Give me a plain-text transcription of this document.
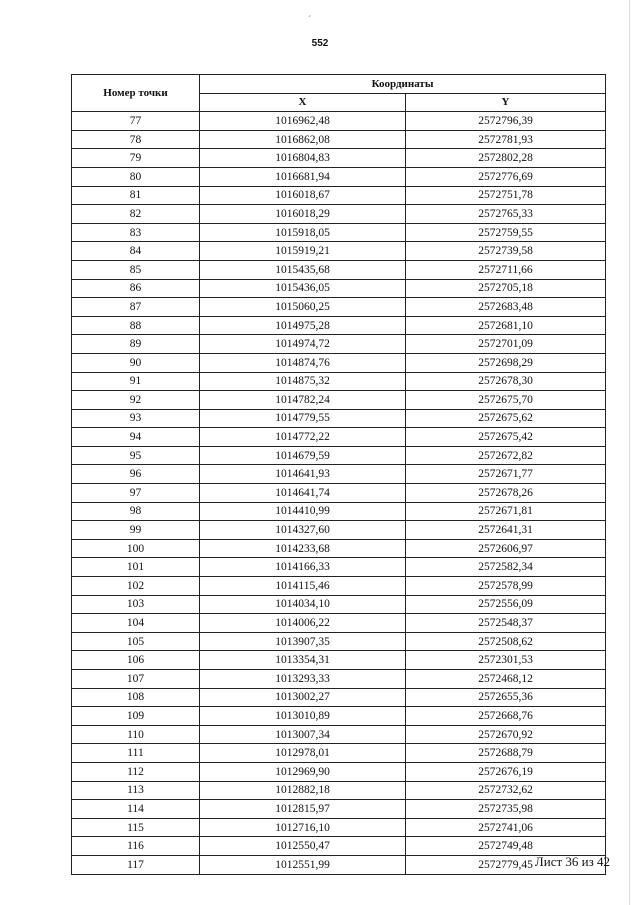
ˊ
552
Номер точки	Координаты	
	X	Y
77	1016962,48	2572796,39
78	1016862,08	2572781,93
79	1016804,83	2572802,28
80	1016681,94	2572776,69
81	1016018,67	2572751,78
82	1016018,29	2572765,33
83	1015918,05	2572759,55
84	1015919,21	2572739,58
85	1015435,68	2572711,66
86	1015436,05	2572705,18
87	1015060,25	2572683,48
88	1014975,28	2572681,10
89	1014974,72	2572701,09
90	1014874,76	2572698,29
91	1014875,32	2572678,30
92	1014782,24	2572675,70
93	1014779,55	2572675,62
94	1014772,22	2572675,42
95	1014679,59	2572672,82
96	1014641,93	2572671,77
97	1014641,74	2572678,26
98	1014410,99	2572671,81
99	1014327,60	2572641,31
100	1014233,68	2572606,97
101	1014166,33	2572582,34
102	1014115,46	2572578,99
103	1014034,10	2572556,09
104	1014006,22	2572548,37
105	1013907,35	2572508,62
106	1013354,31	2572301,53
107	1013293,33	2572468,12
108	1013002,27	2572655,36
109	1013010,89	2572668,76
110	1013007,34	2572670,92
111	1012978,01	2572688,79
112	1012969,90	2572676,19
113	1012882,18	2572732,62
114	1012815,97	2572735,98
115	1012716,10	2572741,06
116	1012550,47	2572749,48
117	1012551,99	2572779,45 Лист 36 из 42
